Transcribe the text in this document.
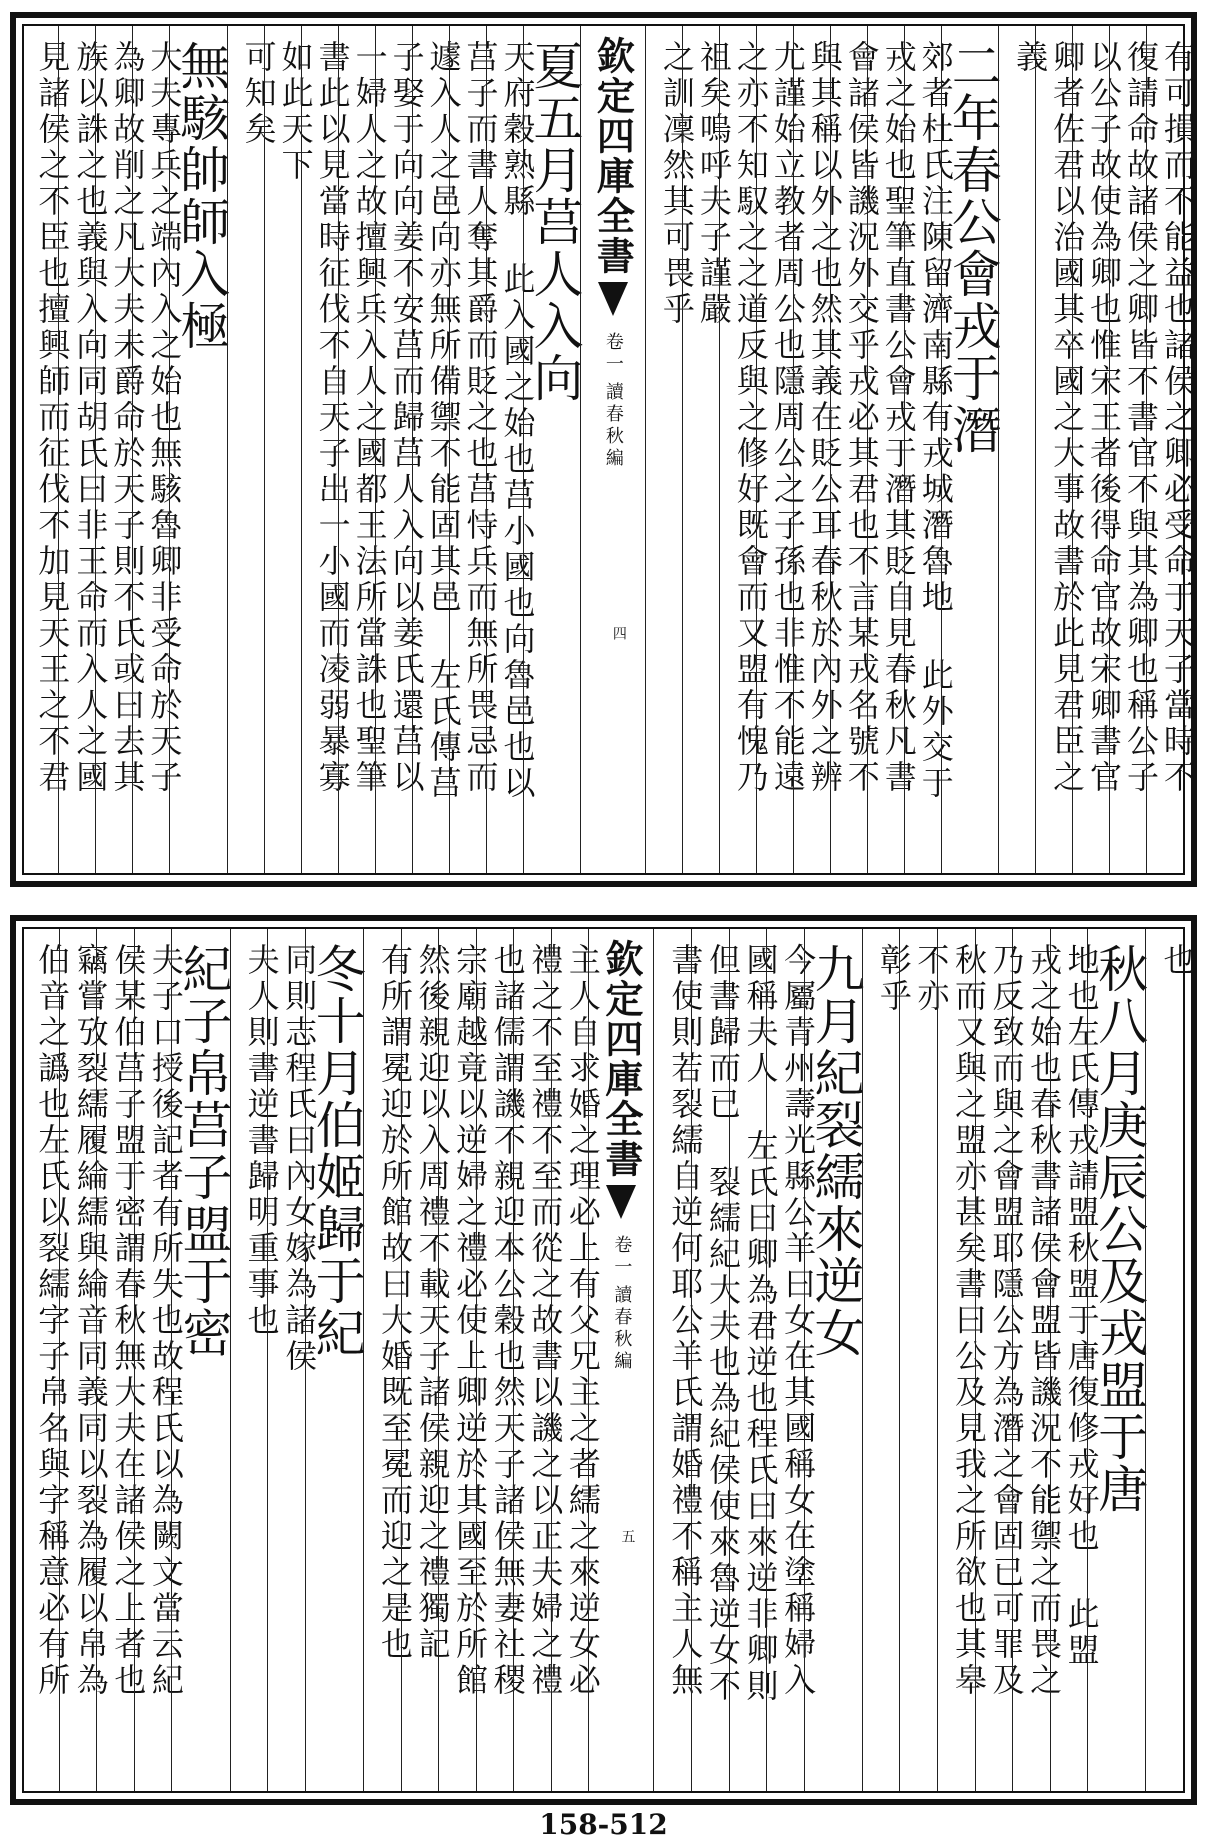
有可損而不能益也諸侯之卿必受命于天子當時不
復請命故諸侯之卿皆不書官不與其為卿也稱公子
以公子故使為卿也惟宋王者後得命官故宋卿書官
卿者佐君以治國其卒國之大事故書於此見君臣之
義
二年春公會戎于潛
郊者杜氏注陳留濟南縣有戎城潛魯地 此外交于
戎之始也聖筆直書公會戎于潛其貶自見春秋凡書
會諸侯皆譏況外交乎戎必其君也不言某戎名號不
與其稱以外之也然其義在貶公耳春秋於內外之辨
尤謹始立教者周公也隱周公之子孫也非惟不能遠
之亦不知馭之之道反與之修好既會而又盟有愧乃
祖矣嗚呼夫子謹嚴
之訓凜然其可畏乎
欽定四庫全書
卷一
讀春秋編
四
夏五月莒人入向
天府穀熟縣 此入國之始也莒小國也向魯邑也以
莒子而書人奪其爵而貶之也莒恃兵而無所畏忌而
遽入人之邑向亦無所備禦不能固其邑 左氏傳莒
子娶于向向姜不安莒而歸莒人入向以姜氏還莒以
一婦人之故擅興兵入人之國都王法所當誅也聖筆
書此以見當時征伐不自天子出一小國而凌弱暴寡
如此天下
可知矣
無駭帥師入極
大夫專兵之端內入之始也無駭魯卿非受命於天子
為卿故削之凡大夫未爵命於天子則不氏或曰去其
族以誅之也義與入向同胡氏曰非王命而入人之國
見諸侯之不臣也擅興師而征伐不加見天王之不君
也
秋八月庚辰公及戎盟于唐
地也左氏傳戎請盟秋盟于唐復修戎好也 此盟
戎之始也春秋書諸侯會盟皆譏況不能禦之而畏之
乃反致而與之會盟耶隱公方為潛之會固已可罪及
秋而又與之盟亦甚矣書曰公及見我之所欲也其皋
不亦
彰乎
九月紀裂繻來逆女
今屬青州壽光縣公羊曰女在其國稱女在塗稱婦入
國稱夫人 左氏曰卿為君逆也程氏曰來逆非卿則
但書歸而已 裂繻紀大夫也為紀侯使來魯逆女不
書使則若裂繻自逆何耶公羊氏謂婚禮不稱主人無
欽定四庫全書
卷一
讀春秋編
五
主人自求婚之理必上有父兄主之者繻之來逆女必
禮之不至禮不至而從之故書以譏之以正夫婦之禮
也諸儒謂譏不親迎本公穀也然天子諸侯無妻社稷
宗廟越竟以逆婦之禮必使上卿逆於其國至於所館
然後親迎以入周禮不載天子諸侯親迎之禮獨記
有所謂冕迎於所館故曰大婚既至冕而迎之是也
冬十月伯姬歸于紀
同則志程氏曰內女嫁為諸侯
夫人則書逆書歸明重事也
紀子帛莒子盟于密
夫子口授後記者有所失也故程氏以為闕文當云紀
侯某伯莒子盟于密謂春秋無大夫在諸侯之上者也
竊嘗攷裂繻履綸繻與綸音同義同以裂為履以帛為
伯音之譌也左氏以裂繻字子帛名與字稱意必有所
158-512
